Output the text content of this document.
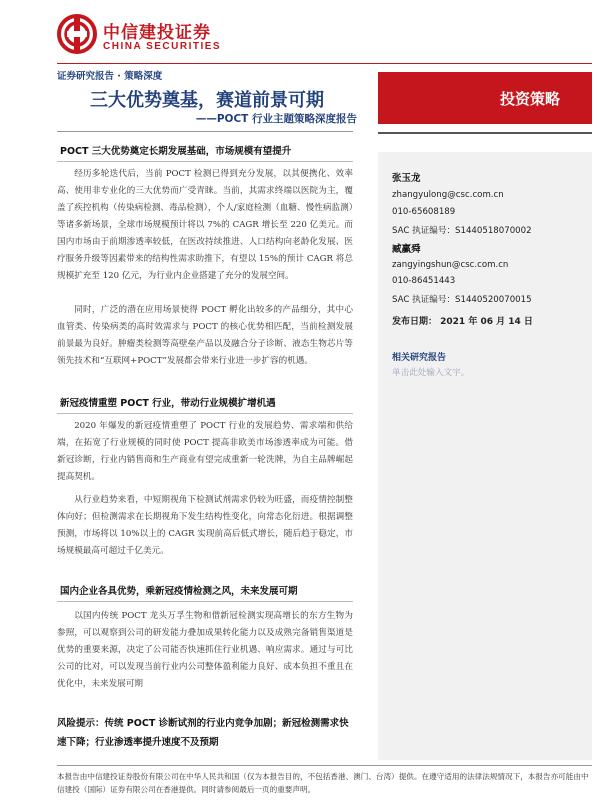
中信建投证券
CHINA SECURITIES
证券研究报告 · 策略深度
三大优势奠基，赛道前景可期
——POCT 行业主题策略深度报告
投资策略
POCT 三大优势奠定长期发展基础，市场规模有望提升
经历多轮迭代后，当前 POCT 检测已得到充分发展，以其便携化、效率高、使用非专业化的三大优势而广受青睐。当前，其需求终端以医院为主，覆盖了疾控机构（传染病检测、毒品检测），个人/家庭检测（血糖、慢性病监测）等诸多新场景，全球市场规模预计将以 7%的 CAGR 增长至 220 亿美元。而国内市场由于前期渗透率较低，在医改持续推进、人口结构向老龄化发展、医疗服务升级等因素带来的结构性需求助推下，有望以 15%的预计 CAGR 将总规模扩充至 120 亿元，为行业内企业搭建了充分的发展空间。
同时，广泛的潜在应用场景使得 POCT 孵化出较多的产品细分，其中心血管类、传染病类的高时效需求与 POCT 的核心优势相匹配，当前检测发展前景最为良好。肿瘤类检测等高壁垒产品以及融合分子诊断、液态生物芯片等领先技术和“互联网+POCT”发展都会带来行业进一步扩容的机遇。
新冠疫情重塑 POCT 行业，带动行业规模扩增机遇
2020 年爆发的新冠疫情重塑了 POCT 行业的发展趋势、需求端和供给端，在拓宽了行业规模的同时使 POCT 提高非欧美市场渗透率成为可能。借新冠诊断，行业内销售商和生产商业有望完成重新一轮洗牌，为自主品牌崛起提高契机。
从行业趋势来看，中短期视角下检测试剂需求仍较为旺盛，而疫情控制整体向好；但检测需求在长期视角下发生结构性变化，向常态化衍进。根据调整预测，市场将以 10%以上的 CAGR 实现前高后低式增长，随后趋于稳定，市场规模最高可超过千亿美元。
国内企业各具优势，乘新冠疫情检测之风，未来发展可期
以国内传统 POCT 龙头万孚生物和借新冠检测实现高增长的东方生物为参照，可以观察到公司的研发能力叠加成果转化能力以及成熟完备销售渠道是优势的重要来源，决定了公司能否快速抓住行业机遇、响应需求。通过与可比公司的比对，可以发现当前行业内公司整体盈利能力良好、成本负担不重且在优化中，未来发展可期
风险提示：传统 POCT 诊断试剂的行业内竞争加剧；新冠检测需求快速下降；行业渗透率提升速度不及预期
张玉龙
zhangyulong@csc.com.cn
010-65608189
SAC 执证编号：S1440518070002
臧赢舜
zangyingshun@csc.com.cn
010-86451443
SAC 执证编号：S1440520070015
发布日期： 2021 年 06 月 14 日
相关研究报告
单击此处输入文字。
本报告由中信建投证券股份有限公司在中华人民共和国（仅为本报告目的，不包括香港、澳门、台湾）提供。在遵守适用的法律法规情况下，本报告亦可能由中信建投（国际）证券有限公司在香港提供。同时请参阅最后一页的重要声明。
